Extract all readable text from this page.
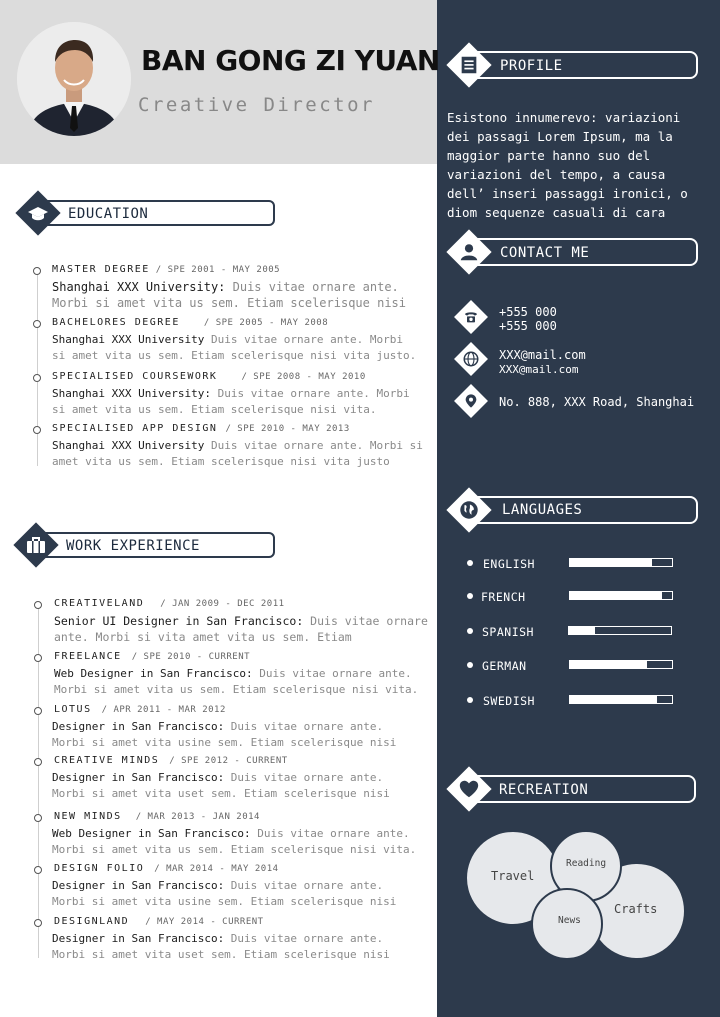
BAN GONG ZI YUAN
Creative Director
EDUCATION
MASTER DEGREE / SPE 2001 - MAY 2005
Shanghai XXX University: Duis vitae ornare ante.
Morbi si amet vita us sem. Etiam scelerisque nisi
BACHELORES DEGREE	/ SPE 2005 - MAY 2008
Shanghai XXX University Duis vitae ornare ante. Morbi
si amet vita us sem. Etiam scelerisque nisi vita justo.
SPECIALISED COURSEWORK	/ SPE 2008 - MAY 2010
Shanghai XXX University: Duis vitae ornare ante. Morbi
si amet vita us sem. Etiam scelerisque nisi vita.
SPECIALISED APP DESIGN / SPE 2010 - MAY 2013
Shanghai XXX University Duis vitae ornare ante. Morbi si
amet vita us sem. Etiam scelerisque nisi vita justo
WORK EXPERIENCE
CREATIVELAND / JAN 2009 - DEC 2011
Senior UI Designer in San Francisco: Duis vitae ornare
ante. Morbi si vita amet vita us sem. Etiam
FREELANCE / SPE 2010 - CURRENT
Web Designer in San Francisco: Duis vitae ornare ante.
Morbi si amet vita us sem. Etiam scelerisque nisi vita.
LOTUS / APR 2011 - MAR 2012
Designer in San Francisco: Duis vitae ornare ante.
Morbi si amet vita usine sem. Etiam scelerisque nisi
CREATIVE MINDS / SPE 2012 - CURRENT
Designer in San Francisco: Duis vitae ornare ante.
Morbi si amet vita uset sem. Etiam scelerisque nisi
NEW MINDS / MAR 2013 - JAN 2014
Web Designer in San Francisco: Duis vitae ornare ante.
Morbi si amet vita us sem. Etiam scelerisque nisi vita.
DESIGN FOLIO / MAR 2014 - MAY 2014
Designer in San Francisco: Duis vitae ornare ante.
Morbi si amet vita usine sem. Etiam scelerisque nisi
DESIGNLAND / MAY 2014 - CURRENT
Designer in San Francisco: Duis vitae ornare ante.
Morbi si amet vita uset sem. Etiam scelerisque nisi
PROFILE
Esistono innumerevo: variazioni
dei passagi Lorem Ipsum, ma la
maggior parte hanno suo del
variazioni del tempo, a causa
dell’ inseri passaggi ironici, o
diom sequenze casuali di cara
CONTACT ME
+555 000
+555 000
XXX@mail.com
XXX@mail.com
No. 888, XXX Road, Shanghai
LANGUAGES
ENGLISH
FRENCH
SPANISH
GERMAN
SWEDISH
RECREATION
Travel
Reading
News
Crafts
